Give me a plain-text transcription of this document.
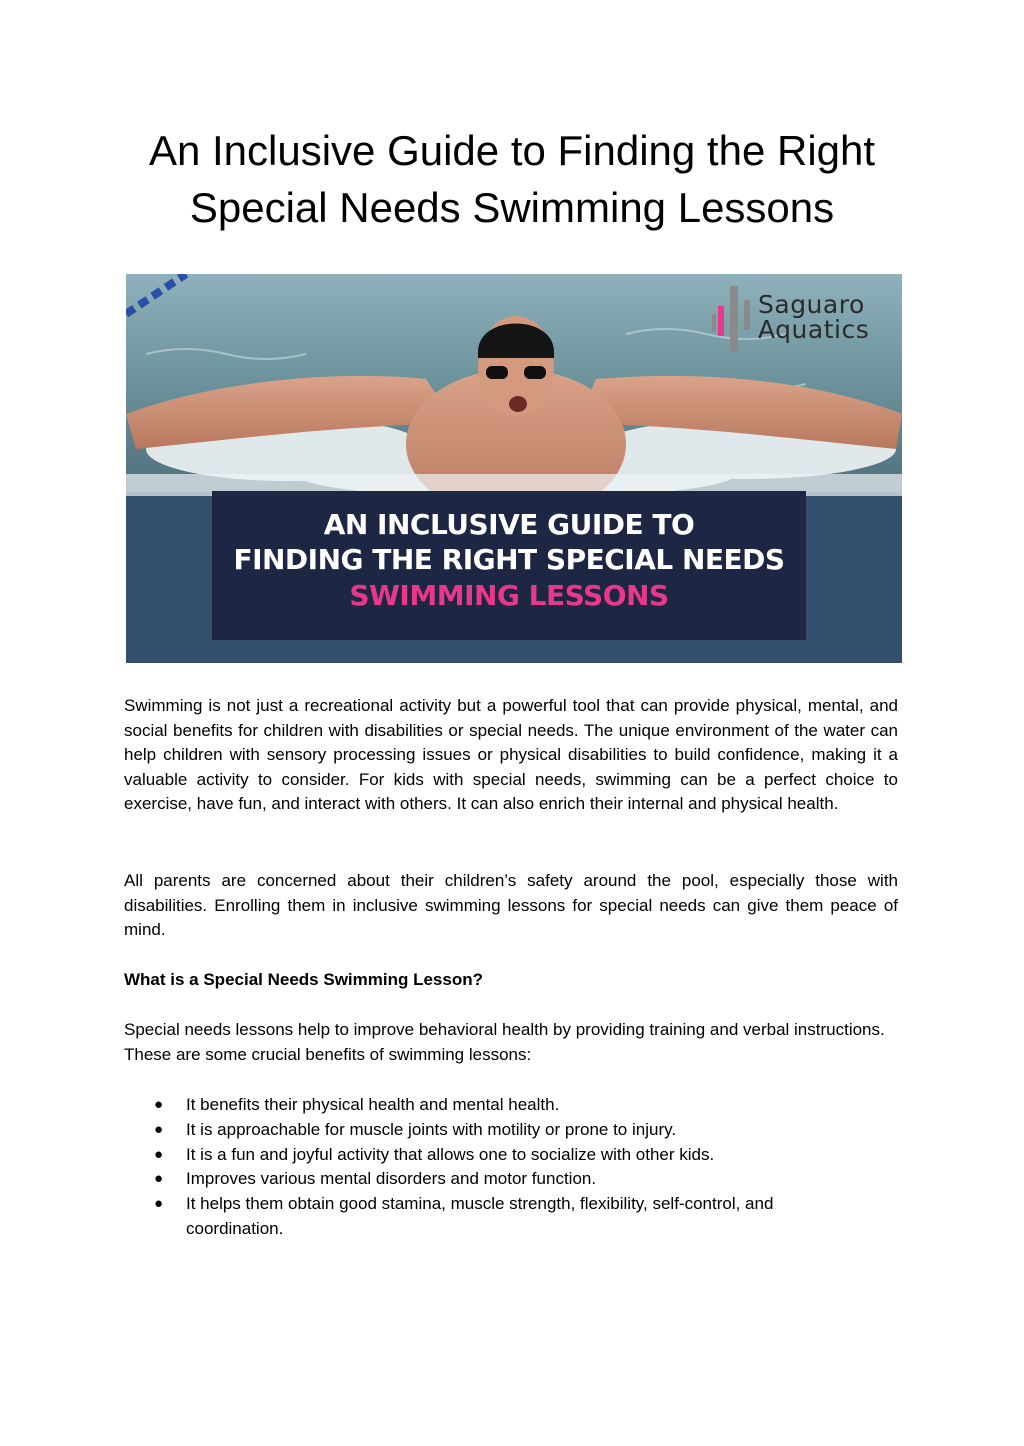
An Inclusive Guide to Finding the Right
Special Needs Swimming Lessons
Saguaro
Aquatics
AN INCLUSIVE GUIDE TO
FINDING THE RIGHT SPECIAL NEEDS
SWIMMING LESSONS

Swimming is not just a recreational activity but a powerful tool that can provide physical, mental, and social benefits for children with disabilities or special needs. The unique environment of the water can help children with sensory processing issues or physical disabilities to build confidence, making it a valuable activity to consider. For kids with special needs, swimming can be a perfect choice to exercise, have fun, and interact with others. It can also enrich their internal and physical health.

All parents are concerned about their children’s safety around the pool, especially those with disabilities. Enrolling them in inclusive swimming lessons for special needs can give them peace of mind.

What is a Special Needs Swimming Lesson?

Special needs lessons help to improve behavioral health by providing training and verbal instructions. These are some crucial benefits of swimming lessons:

● It benefits their physical health and mental health.
● It is approachable for muscle joints with motility or prone to injury.
● It is a fun and joyful activity that allows one to socialize with other kids.
● Improves various mental disorders and motor function.
● It helps them obtain good stamina, muscle strength, flexibility, self-control, and coordination.
